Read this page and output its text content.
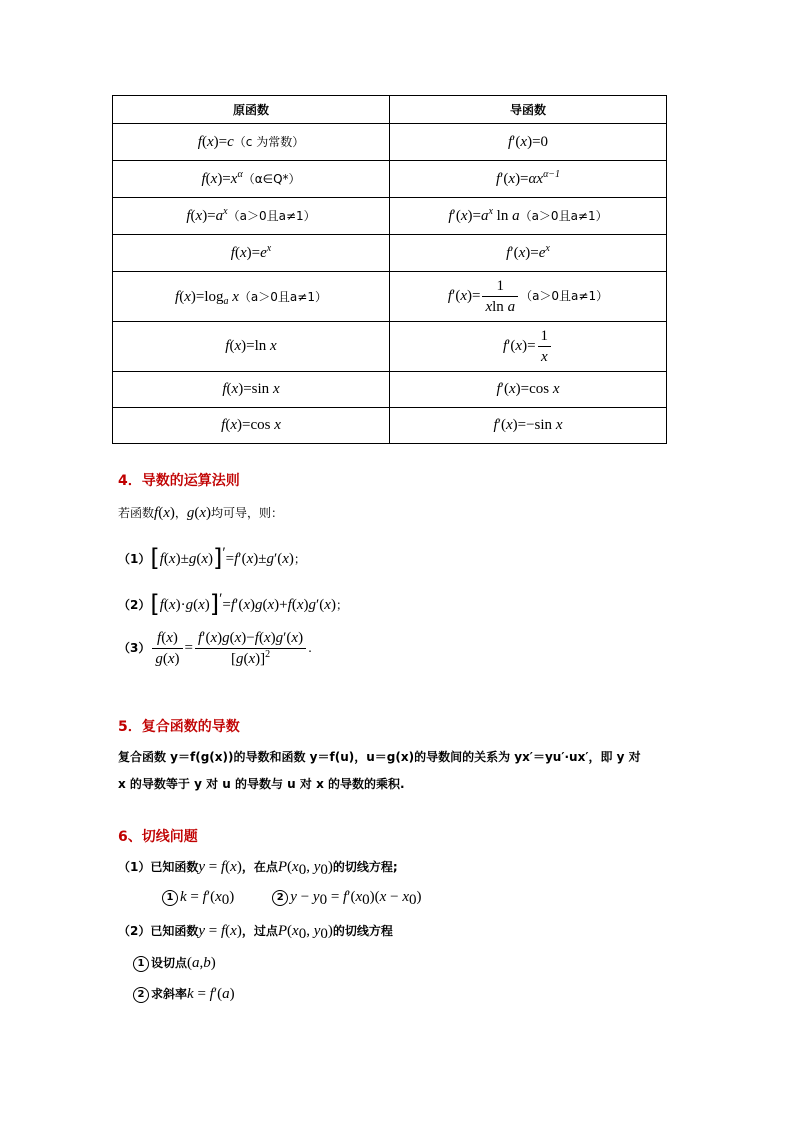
原函数	导函数
f(x)=c（c 为常数）	f′(x)=0
$f(x)=x^\alpha(\alpha\in Q*)$	$f'(x)=\alpha x^{\alpha-1}$
$f(x)=a^x(a>0$且a≠1）	$f'(x)=a^x$ ln a（a＞0且a≠1）
$f(x)=e^x$	$f'(x)=e^x$
$f(x)=\log_a$ x（a＞0且a≠1）	$f'(x)= \frac{1}{\text{xln a}} (a>0$且a≠1）
f(x)=ln x	$f'(x)= \frac{1}{x}$

f(x)=sin x	f′(x)=cos x
f(x)=cos x	f′(x)=−sin x
4．导数的运算法则
若函数f(x)，g(x)均可导，则：
（1）[f(x)±g(x)]′=f′(x)±g′(x)；
（2）[f(x)·g(x)]′=f′(x)g(x)+f(x)g′(x)；
$(3) \frac{f(x)}{g(x)} = \frac{f'(x)g(x)-f(x)g'(x)}{[g(x)]^2}$ .
5．复合函数的导数
复合函数 y＝f(g(x))的导数和函数 y＝f(u)，u＝g(x)的导数间的关系为 yx′＝yu′·ux′，即 y 对
x 的导数等于 y 对 u 的导数与 u 对 x 的导数的乘积.
6、切线问题
（1）已知函数y = f(x)，在点$P(x_0$, $y_0$)的切线方程;
1 $k = f'(x_0)$	2 $y - y_0 = f'(x_0)(x - x_0)$
（2）已知函数y = f(x)，过点$P(x_0$, $y_0$)的切线方程
1 设切点(a,b)
2 求斜率k = f′(a)
